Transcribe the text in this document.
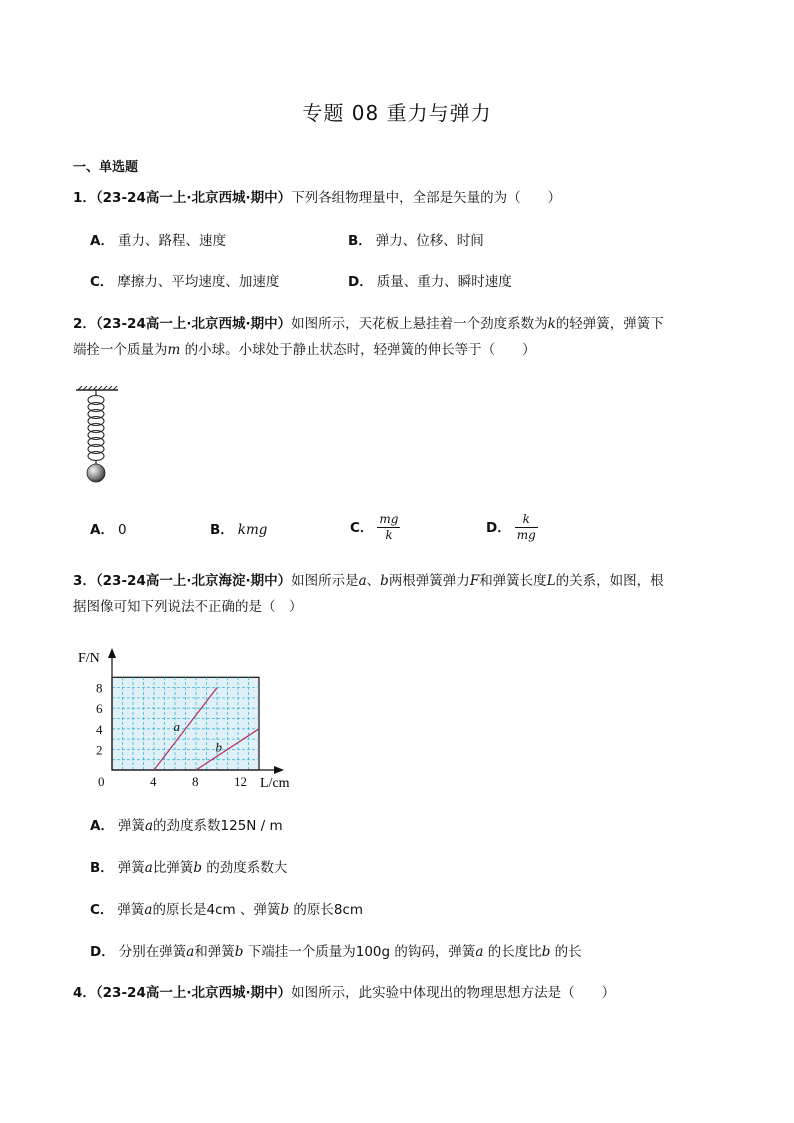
专题 08 重力与弹力
一、单选题
1．（23-24高一上·北京西城·期中）下列各组物理量中，全部是矢量的为（　　）
A． 重力、路程、速度	B． 弹力、位移、时间
C． 摩擦力、平均速度、加速度	D． 质量、重力、瞬时速度
2．（23-24高一上·北京西城·期中）如图所示，天花板上悬挂着一个劲度系数为k的轻弹簧，弹簧下
端拴一个质量为m 的小球。小球处于静止状态时，轻弹簧的伸长等于（　　）
A． 0	B． kmg	C． $\frac{mg}{k}$	D． $\frac{k}{mg}$
3．（23-24高一上·北京海淀·期中）如图所示是a、b两根弹簧弹力F和弹簧长度L的关系，如图，根
据图像可知下列说法不正确的是（　）
a
b
0	4	8	12
2
4
6
8
F/N
L/cm
A． 弹簧a的劲度系数125N / m
B． 弹簧a比弹簧b 的劲度系数大
C． 弹簧a的原长是4cm 、弹簧b 的原长8cm
D． 分别在弹簧a和弹簧b 下端挂一个质量为100g 的钩码，弹簧a 的长度比b 的长
4．（23-24高一上·北京西城·期中）如图所示，此实验中体现出的物理思想方法是（　　）
